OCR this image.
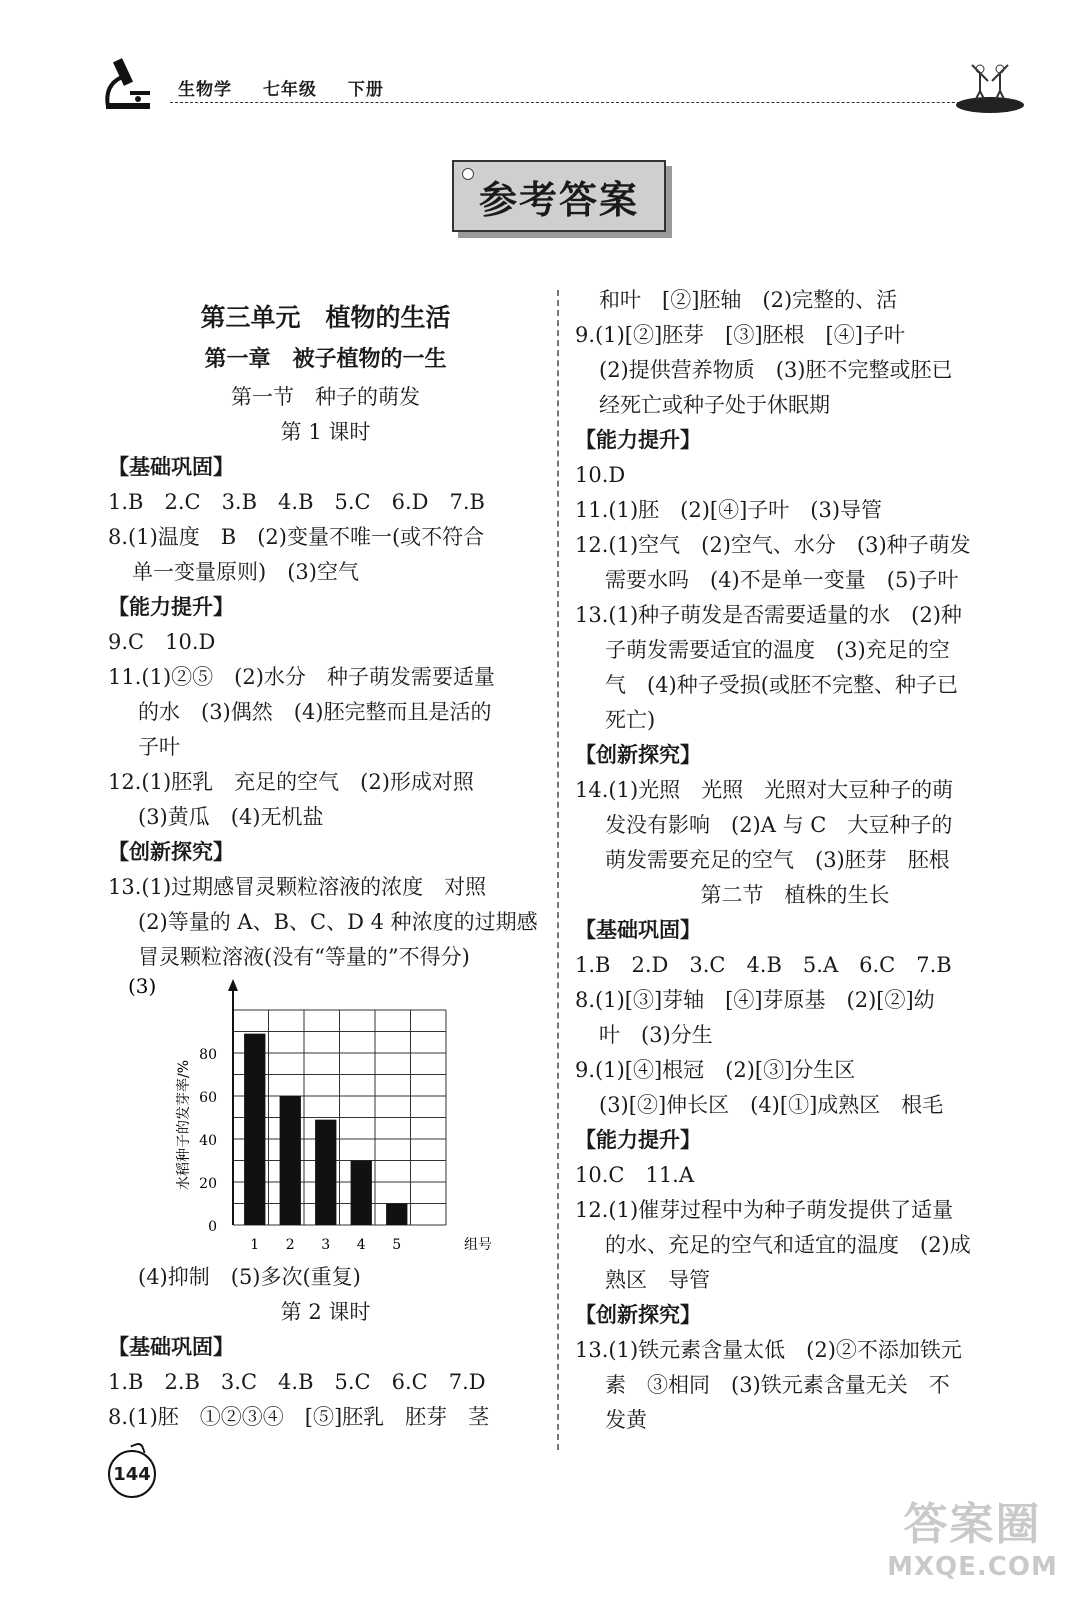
生物学 七年级 下册
参考答案
第三单元　植物的生活
第一章　被子植物的一生

第一节　种子的萌发

第 1 课时

【基础巩固】

1.B　2.C　3.B　4.B　5.C　6.D　7.B

8.(1)温度　B　(2)变量不唯一(或不符合

单一变量原则)　(3)空气

【能力提升】

9.C　10.D

11.(1)②⑤　(2)水分　种子萌发需要适量

的水　(3)偶然　(4)胚完整而且是活的

子叶

12.(1)胚乳　充足的空气　(2)形成对照

(3)黄瓜　(4)无机盐

【创新探究】

13.(1)过期感冒灵颗粒溶液的浓度　对照

(2)等量的 A、B、C、D 4 种浓度的过期感

冒灵颗粒溶液(没有“等量的”不得分)

(3)
0
20
40
60
80
水稻种子的发芽率/%
1 2 3 4 5	组号

(4)抑制　(5)多次(重复)

第 2 课时

【基础巩固】

1.B　2.B　3.C　4.B　5.C　6.C　7.D

8.(1)胚　①②③④　[⑤]胚乳　胚芽　茎

和叶　[②]胚轴　(2)完整的、活

9.(1)[②]胚芽　[③]胚根　[④]子叶

(2)提供营养物质　(3)胚不完整或胚已

经死亡或种子处于休眠期

【能力提升】

10.D

11.(1)胚　(2)[④]子叶　(3)导管

12.(1)空气　(2)空气、水分　(3)种子萌发

需要水吗　(4)不是单一变量　(5)子叶

13.(1)种子萌发是否需要适量的水　(2)种

子萌发需要适宜的温度　(3)充足的空

气　(4)种子受损(或胚不完整、种子已

死亡)

【创新探究】

14.(1)光照　光照　光照对大豆种子的萌

发没有影响　(2)A 与 C　大豆种子的

萌发需要充足的空气　(3)胚芽　胚根

第二节　植株的生长

【基础巩固】

1.B　2.D　3.C　4.B　5.A　6.C　7.B

8.(1)[③]芽轴　[④]芽原基　(2)[②]幼

叶　(3)分生

9.(1)[④]根冠　(2)[③]分生区

(3)[②]伸长区　(4)[①]成熟区　根毛

【能力提升】

10.C　11.A

12.(1)催芽过程中为种子萌发提供了适量

的水、充足的空气和适宜的温度　(2)成

熟区　导管

【创新探究】

13.(1)铁元素含量太低　(2)②不添加铁元

素　③相同　(3)铁元素含量无关　不

发黄

144
答案圈
MXQE.COM
